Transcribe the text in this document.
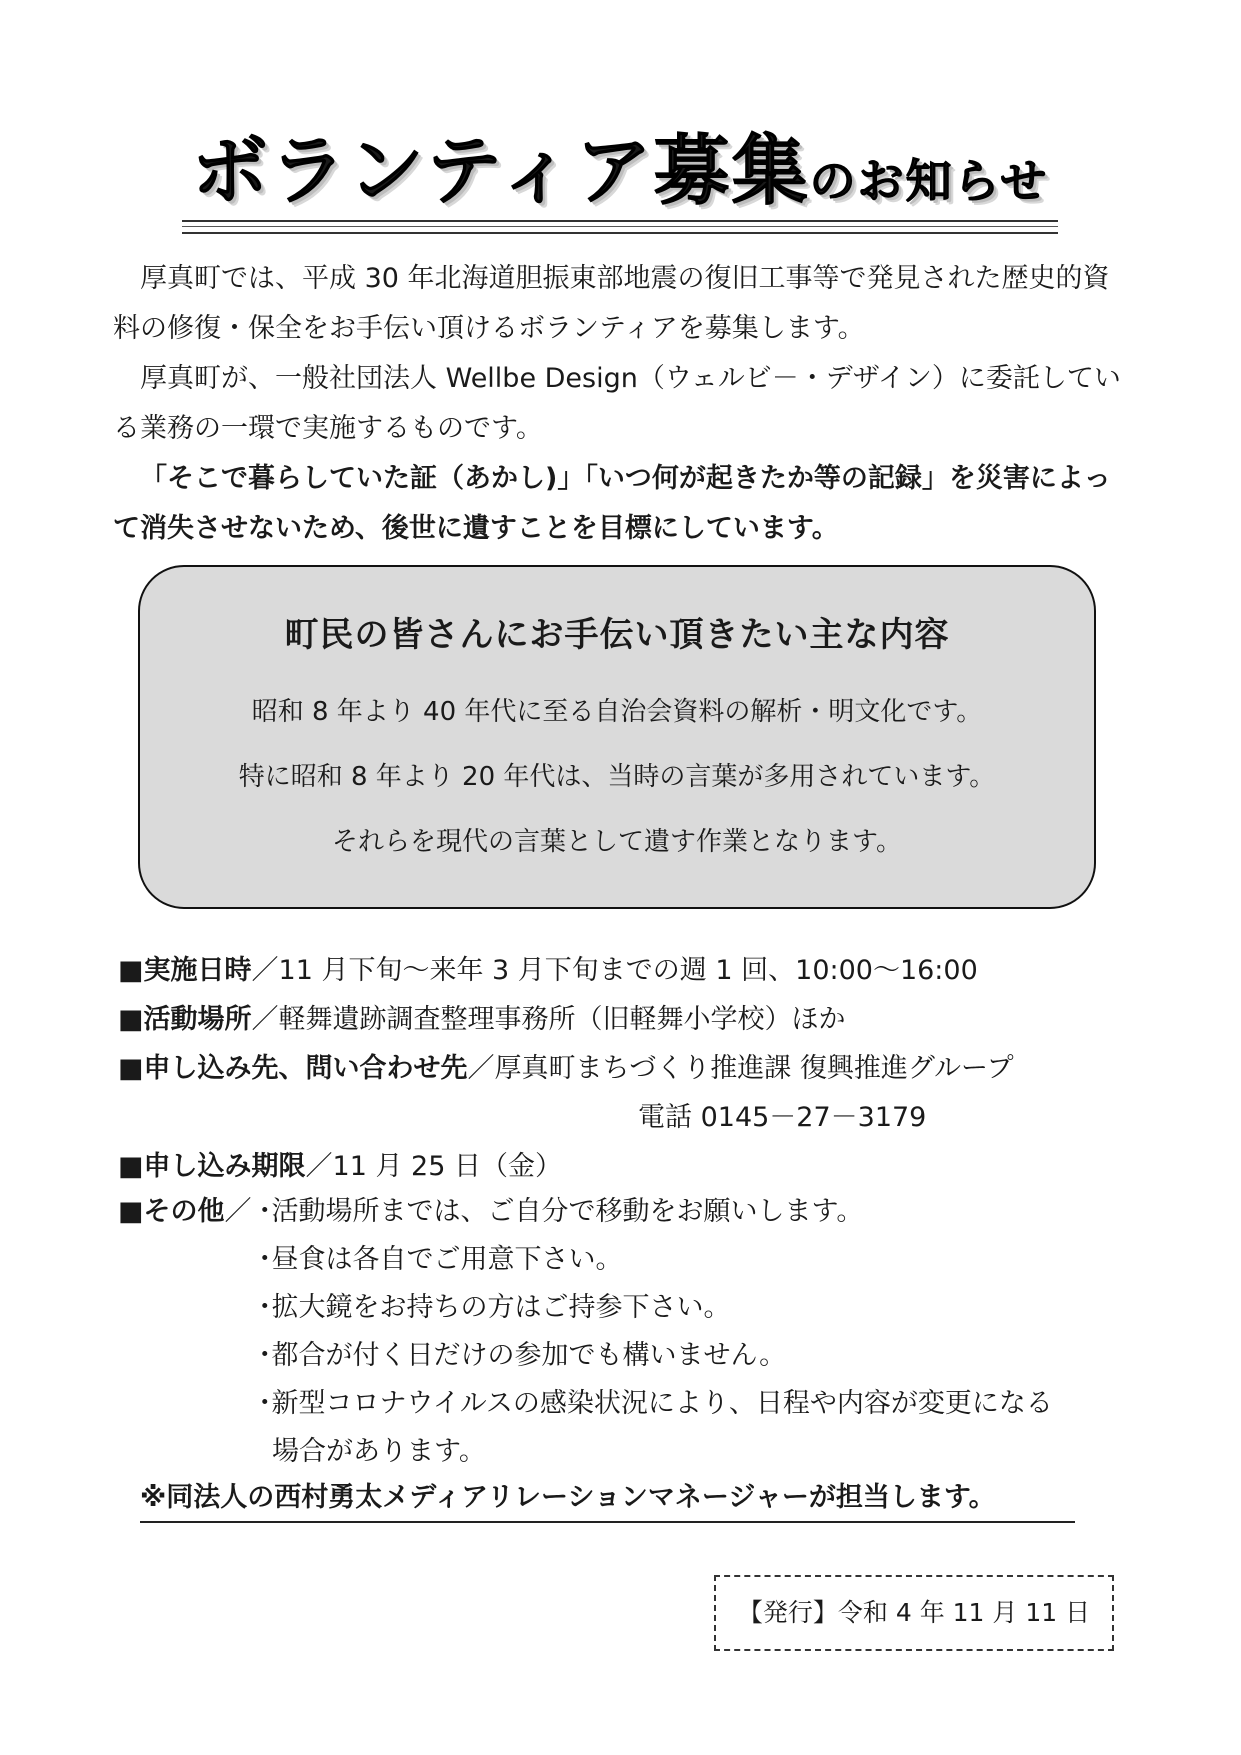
ボランティア募集のお知らせ

厚真町では、平成 30 年北海道胆振東部地震の復旧工事等で発見された歴史的資料の修復・保全をお手伝い頂けるボランティアを募集します。

厚真町が、一般社団法人 Wellbe Design（ウェルビ－・デザイン）に委託している業務の一環で実施するものです。

「そこで暮らしていた証（あかし)」「いつ何が起きたか等の記録」を災害によって消失させないため、後世に遺すことを目標にしています。

町民の皆さんにお手伝い頂きたい主な内容
昭和 8 年より 40 年代に至る自治会資料の解析・明文化です。
特に昭和 8 年より 20 年代は、当時の言葉が多用されています。
それらを現代の言葉として遺す作業となります。
■実施日時／11 月下旬～来年 3 月下旬までの週 1 回、10:00～16:00
■活動場所／軽舞遺跡調査整理事務所（旧軽舞小学校）ほか
■申し込み先、問い合わせ先／厚真町まちづくり推進課 復興推進グループ
電話 0145－27－3179
■申し込み期限／11 月 25 日（金）
■その他／ ･活動場所までは、ご自分で移動をお願いします。
･昼食は各自でご用意下さい。
･拡大鏡をお持ちの方はご持参下さい。
･都合が付く日だけの参加でも構いません。
･新型コロナウイルスの感染状況により、日程や内容が変更になる
場合があります。
※同法人の西村勇太メディアリレーションマネージャーが担当します。
【発行】令和 4 年 11 月 11 日
